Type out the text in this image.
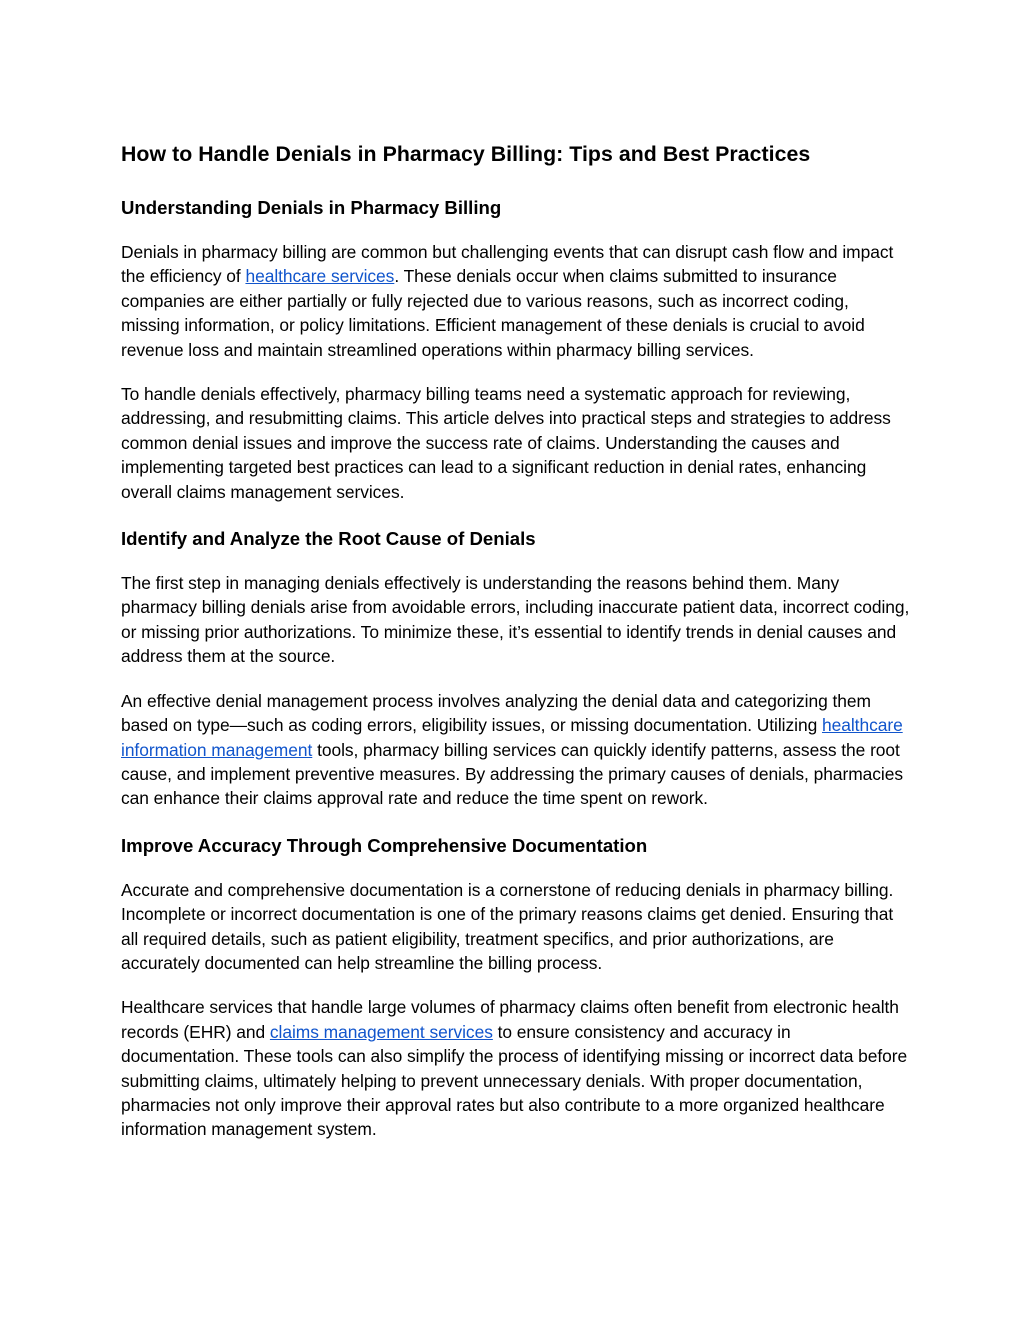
How to Handle Denials in Pharmacy Billing: Tips and Best Practices
Understanding Denials in Pharmacy Billing

Denials in pharmacy billing are common but challenging events that can disrupt cash flow and impact the efficiency of healthcare services. These denials occur when claims submitted to insurance companies are either partially or fully rejected due to various reasons, such as incorrect coding, missing information, or policy limitations. Efficient management of these denials is crucial to avoid revenue loss and maintain streamlined operations within pharmacy billing services.

To handle denials effectively, pharmacy billing teams need a systematic approach for reviewing, addressing, and resubmitting claims. This article delves into practical steps and strategies to address common denial issues and improve the success rate of claims. Understanding the causes and implementing targeted best practices can lead to a significant reduction in denial rates, enhancing overall claims management services.

Identify and Analyze the Root Cause of Denials

The first step in managing denials effectively is understanding the reasons behind them. Many pharmacy billing denials arise from avoidable errors, including inaccurate patient data, incorrect coding, or missing prior authorizations. To minimize these, it’s essential to identify trends in denial causes and address them at the source.

An effective denial management process involves analyzing the denial data and categorizing them based on type—such as coding errors, eligibility issues, or missing documentation. Utilizing healthcare information management tools, pharmacy billing services can quickly identify patterns, assess the root cause, and implement preventive measures. By addressing the primary causes of denials, pharmacies can enhance their claims approval rate and reduce the time spent on rework.

Improve Accuracy Through Comprehensive Documentation

Accurate and comprehensive documentation is a cornerstone of reducing denials in pharmacy billing. Incomplete or incorrect documentation is one of the primary reasons claims get denied. Ensuring that all required details, such as patient eligibility, treatment specifics, and prior authorizations, are accurately documented can help streamline the billing process.

Healthcare services that handle large volumes of pharmacy claims often benefit from electronic health records (EHR) and claims management services to ensure consistency and accuracy in documentation. These tools can also simplify the process of identifying missing or incorrect data before submitting claims, ultimately helping to prevent unnecessary denials. With proper documentation, pharmacies not only improve their approval rates but also contribute to a more organized healthcare information management system.
